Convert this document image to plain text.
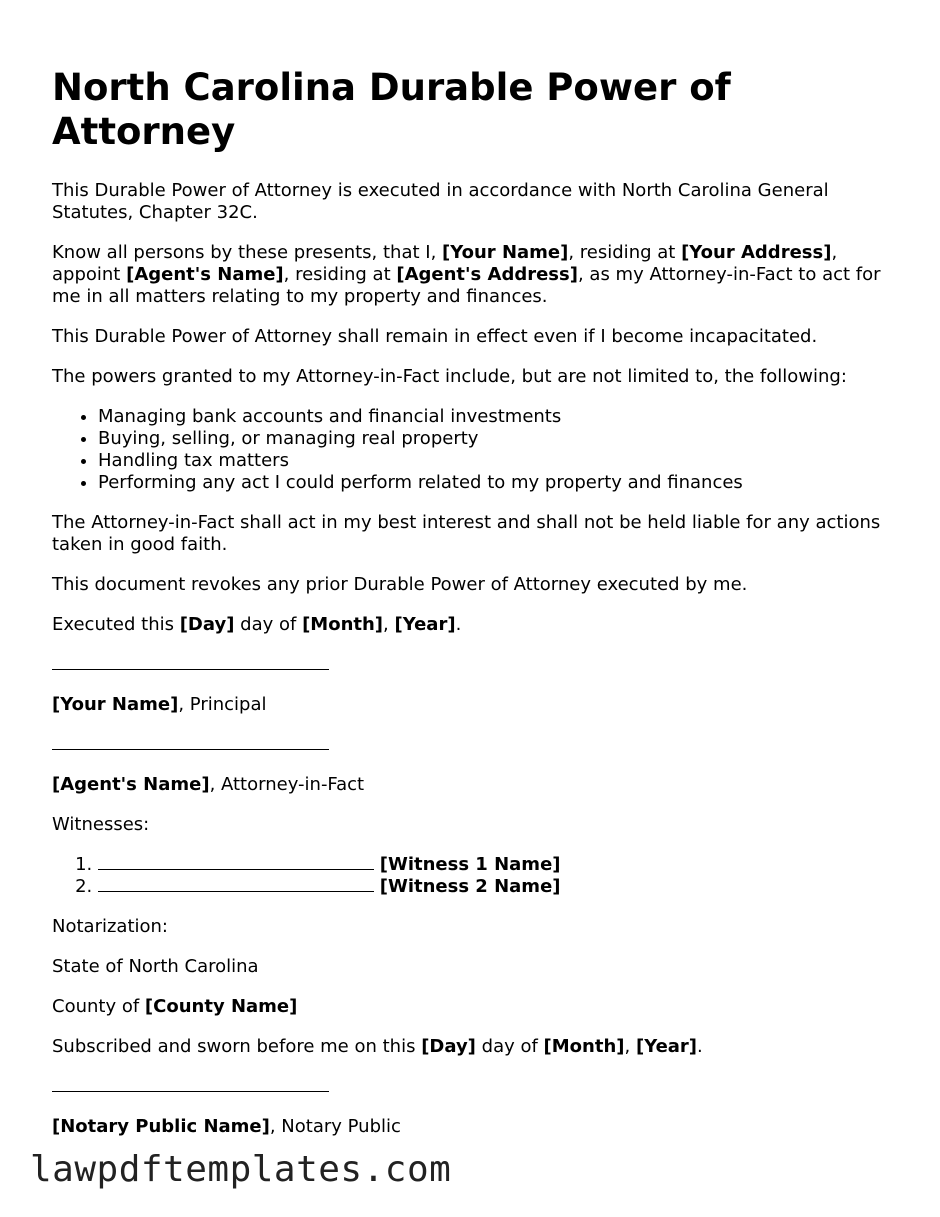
North Carolina Durable Power of Attorney

This Durable Power of Attorney is executed in accordance with North Carolina General Statutes, Chapter 32C.

Know all persons by these presents, that I, [Your Name], residing at [Your Address], appoint [Agent's Name], residing at [Agent's Address], as my Attorney-in-Fact to act for me in all matters relating to my property and finances.

This Durable Power of Attorney shall remain in effect even if I become incapacitated.

The powers granted to my Attorney-in-Fact include, but are not limited to, the following:

• Managing bank accounts and financial investments
• Buying, selling, or managing real property
• Handling tax matters
• Performing any act I could perform related to my property and finances

The Attorney-in-Fact shall act in my best interest and shall not be held liable for any actions taken in good faith.

This document revokes any prior Durable Power of Attorney executed by me.

Executed this [Day] day of [Month], [Year].

[Your Name], Principal

[Agent's Name], Attorney-in-Fact

Witnesses:

1. [Witness 1 Name]
2. [Witness 2 Name]

Notarization:

State of North Carolina

County of [County Name]

Subscribed and sworn before me on this [Day] day of [Month], [Year].

[Notary Public Name], Notary Public

lawpdftemplates.com
